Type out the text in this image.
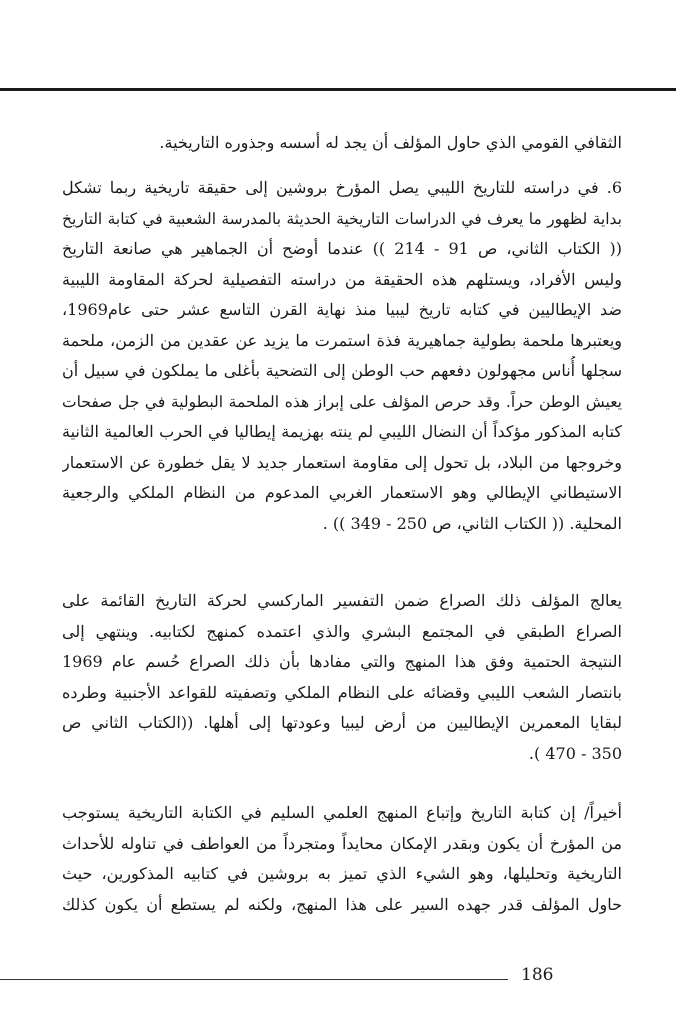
الثقافي القومي الذي حاول المؤلف أن يجد له أسسه وجذوره التاريخية.
6. في دراسته للتاريخ الليبي يصل المؤرخ بروشين إلى حقيقة تاريخية ربما تشكل
بداية لظهور ما يعرف في الدراسات التاريخية الحديثة بالمدرسة الشعبية في كتابة التاريخ
(( الكتاب الثاني، ص 91 - 214 )) عندما أوضح أن الجماهير هي صانعة التاريخ
وليس الأفراد، ويستلهم هذه الحقيقة من دراسته التفصيلية لحركة المقاومة الليبية
ضد الإيطاليين في كتابه تاريخ ليبيا منذ نهاية القرن التاسع عشر حتى عام1969،
ويعتبرها ملحمة بطولية جماهيرية فذة استمرت ما يزيد عن عقدين من الزمن، ملحمة
سجلها أُناس مجهولون دفعهم حب الوطن إلى التضحية بأغلى ما يملكون في سبيل أن
يعيش الوطن حراً. وقد حرص المؤلف على إبراز هذه الملحمة البطولية في جل صفحات
كتابه المذكور مؤكداً أن النضال الليبي لم ينته بهزيمة إيطاليا في الحرب العالمية الثانية
وخروجها من البلاد، بل تحول إلى مقاومة استعمار جديد لا يقل خطورة عن الاستعمار
الاستيطاني الإيطالي وهو الاستعمار الغربي المدعوم من النظام الملكي والرجعية
المحلية. (( الكتاب الثاني، ص 250 - 349 )) .
يعالج المؤلف ذلك الصراع ضمن التفسير الماركسي لحركة التاريخ القائمة على
الصراع الطبقي في المجتمع البشري والذي اعتمده كمنهج لكتابيه. وينتهي إلى
النتيجة الحتمية وفق هذا المنهج والتي مفادها بأن ذلك الصراع حُسم عام 1969
بانتصار الشعب الليبي وقضائه على النظام الملكي وتصفيته للقواعد الأجنبية وطرده
لبقايا المعمرين الإيطاليين من أرض ليبيا وعودتها إلى أهلها. ((الكتاب الثاني ص
350 - 470 ).
أخيراً/ إن كتابة التاريخ وإتباع المنهج العلمي السليم في الكتابة التاريخية يستوجب
من المؤرخ أن يكون وبقدر الإمكان محايداً ومتجرداً من العواطف في تناوله للأحداث
التاريخية وتحليلها، وهو الشيء الذي تميز به بروشين في كتابيه المذكورين، حيث
حاول المؤلف قدر جهده السير على هذا المنهج، ولكنه لم يستطع أن يكون كذلك
186
